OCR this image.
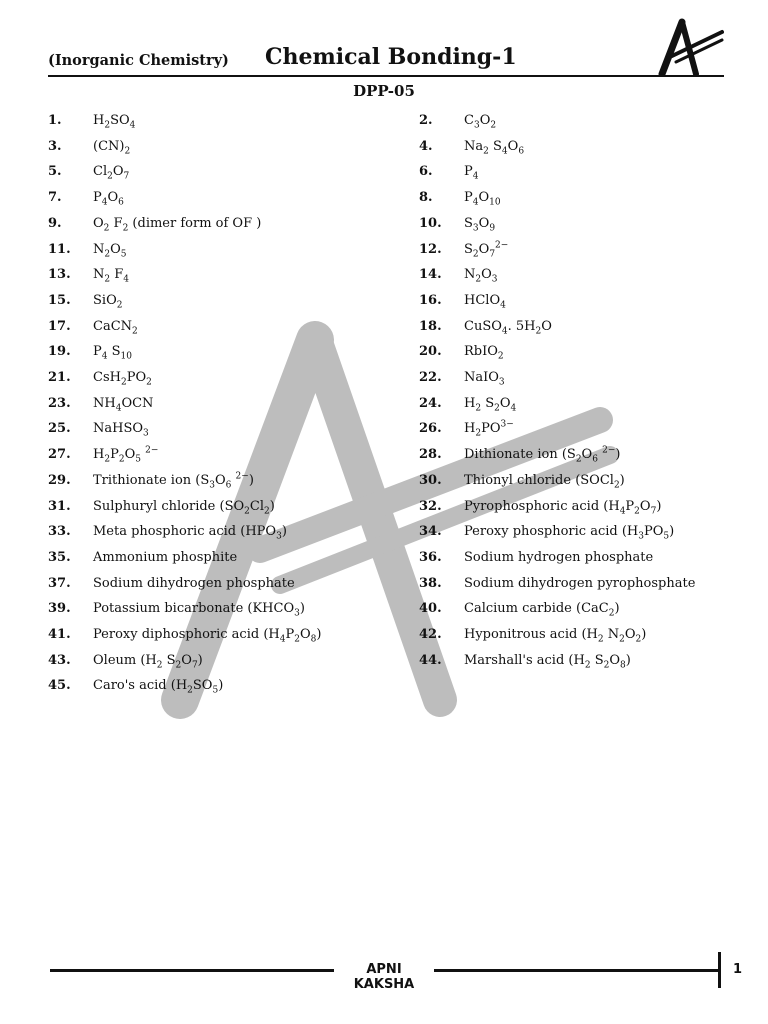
(Inorganic Chemistry) Chemical Bonding-1
DPP-05
1. $H_2SO_4$	2. $C_3O_2$
3. $(CN)_2$	4. $Na_2$ $S_4O_6$
5. $Cl_2O_7$	6. $P_4$
7. $P_4O_6$	8. $P_4O_{10}$
9. $O_2$ $F_2$ (dimer form of OF )	10. $S_3O_9$
11. $N_2O_5$	12. $S_2O_7^{2-}$
13. $N_2$ $F_4$	14. $N_2O_3$
15. SiO$_2$	16. HClO$_4$
17. CaCN$_2$	18. CuSO$_4$. $5H_2O$
19. $P_4$ $S_{10}$	20. RbIO$_2$
21. $CsH_2PO_2$	22. NaIO$_3$
23. $NH_4OCN$	24. $H_2$ $S_2O_4$
25. NaHSO$_3$	26. $H_2PO^{3-}$
27. $H_2P_2O_5$ $^{2-}$	28. Dithionate ion ($S_2O_6$ $^{2-}$)
29. Trithionate ion ($S_3O_6$ $^{2-}$)	30. Thionyl chloride (SOCl$_2$)
31. Sulphuryl chloride $(SO_2Cl_2)$	32. Pyrophosphoric acid $(H_4P_2O_7)$
33. Meta phosphoric acid $(HPO_3)$	34. Peroxy phosphoric acid $(H_3PO_5)$
35. Ammonium phosphite	36. Sodium hydrogen phosphate
37. Sodium dihydrogen phosphate	38. Sodium dihydrogen pyrophosphate
39. Potassium bicarbonate $(KHCO_3)$	40. Calcium carbide (CaC$_2$)
41. Peroxy diphosphoric acid $(H_4P_2O_8)$	42. Hyponitrous acid ($H_2$ $N_2O_2$)
43. Oleum ($H_2$ $S_2O_7$)	44. Marshall's acid ($H_2$ $S_2O_8$)
45. Caro's acid $(H_2SO_5)$
APNI KAKSHA
1
